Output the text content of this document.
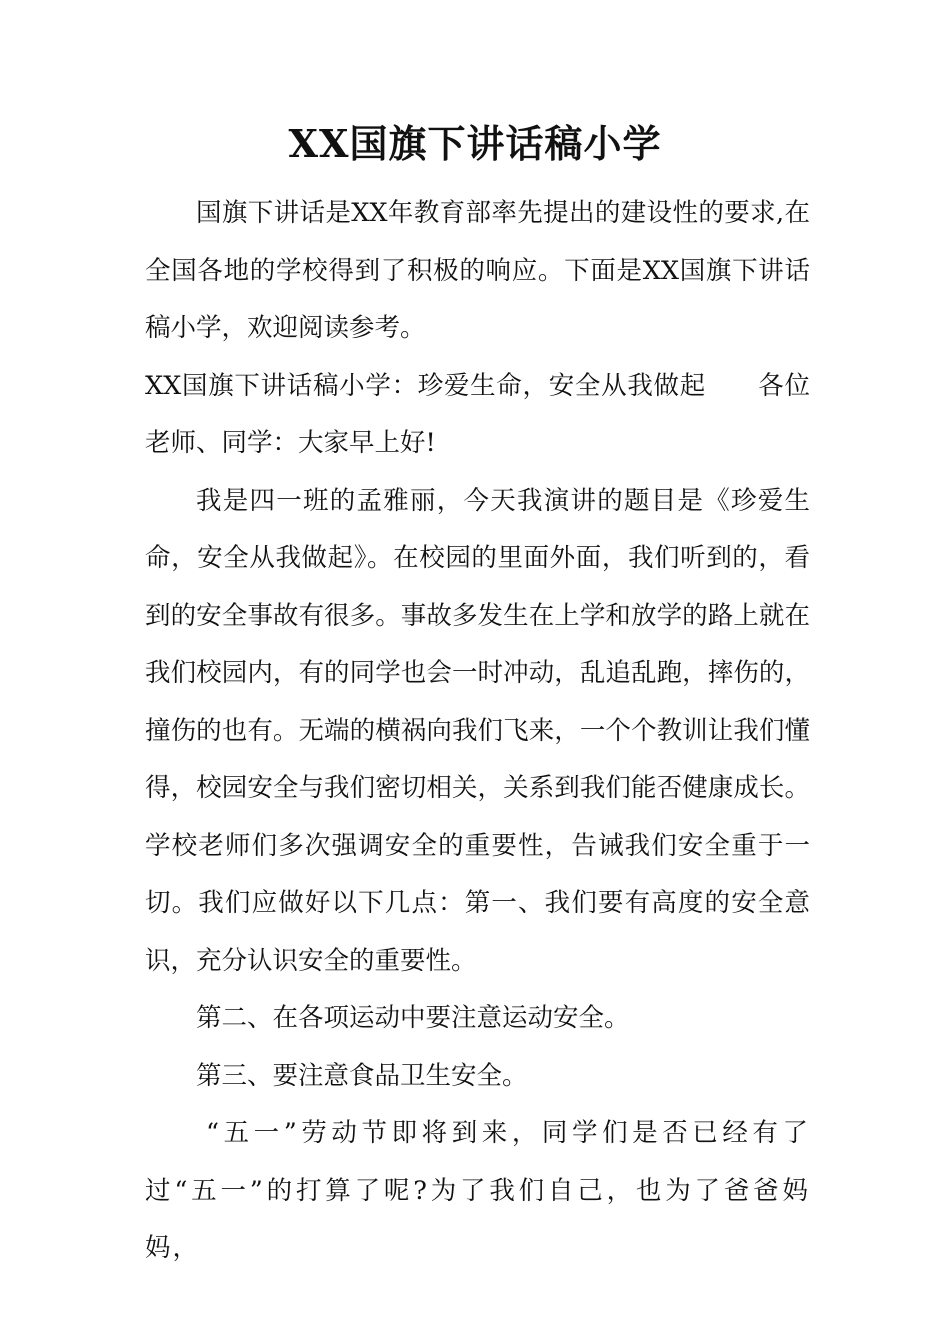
XX国旗下讲话稿小学

国旗下讲话是XX年教育部率先提出的建设性的要求,在全国各地的学校得到了积极的响应。下面是XX国旗下讲话稿小学，欢迎阅读参考。

XX国旗下讲话稿小学：珍爱生命，安全从我做起　　各位老师、同学：大家早上好!

我是四一班的孟雅丽，今天我演讲的题目是《珍爱生命，安全从我做起》。在校园的里面外面，我们听到的，看到的安全事故有很多。事故多发生在上学和放学的路上就在我们校园内，有的同学也会一时冲动，乱追乱跑，摔伤的，撞伤的也有。无端的横祸向我们飞来，一个个教训让我们懂得，校园安全与我们密切相关，关系到我们能否健康成长。学校老师们多次强调安全的重要性，告诫我们安全重于一切。我们应做好以下几点：第一、我们要有高度的安全意识，充分认识安全的重要性。

第二、在各项运动中要注意运动安全。

第三、要注意食品卫生安全。

“五一”劳动节即将到来，同学们是否已经有了过“五一”的打算了呢?为了我们自己，也为了爸爸妈妈，
